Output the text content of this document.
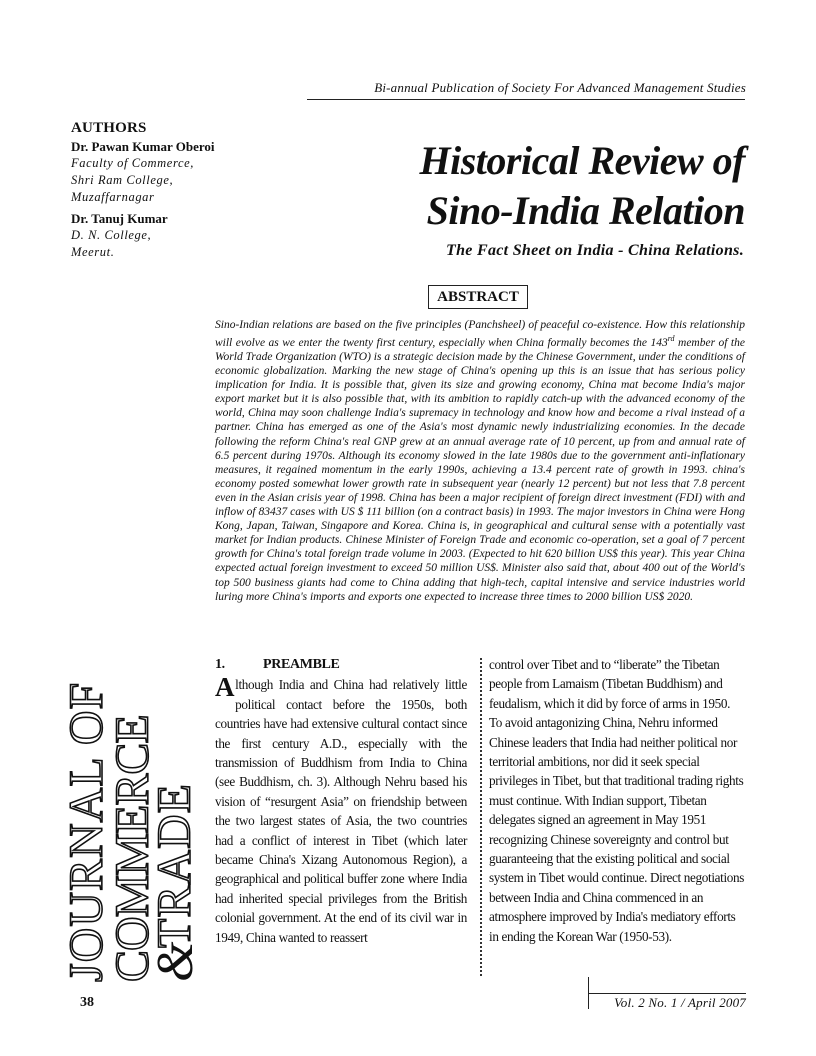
Bi-annual Publication of Society For Advanced Management Studies
AUTHORS
Dr. Pawan Kumar Oberoi
Faculty of Commerce,
Shri Ram College,
Muzaffarnagar
Dr. Tanuj Kumar
D. N. College,
Meerut.
Historical Review of
Sino-India Relation
The Fact Sheet on India - China Relations.
ABSTRACT
Sino-Indian relations are based on the five principles (Panchsheel) of peaceful co-existence. How this relationship will evolve as we enter the twenty first century, especially when China formally becomes the 143rd member of the World Trade Organization (WTO) is a strategic decision made by the Chinese Government, under the conditions of economic globalization. Marking the new stage of China's opening up this is an issue that has serious policy implication for India. It is possible that, given its size and growing economy, China mat become India's major export market but it is also possible that, with its ambition to rapidly catch-up with the advanced economy of the world, China may soon challenge India's supremacy in technology and know how and become a rival instead of a partner. China has emerged as one of the Asia's most dynamic newly industrializing economies. In the decade following the reform China's real GNP grew at an annual average rate of 10 percent, up from and annual rate of 6.5 percent during 1970s. Although its economy slowed in the late 1980s due to the government anti-inflationary measures, it regained momentum in the early 1990s, achieving a 13.4 percent rate of growth in 1993. china's economy posted somewhat lower growth rate in subsequent year (nearly 12 percent) but not less that 7.8 percent even in the Asian crisis year of 1998. China has been a major recipient of foreign direct investment (FDI) with and inflow of 83437 cases with US $ 111 billion (on a contract basis) in 1993. The major investors in China were Hong Kong, Japan, Taiwan, Singapore and Korea. China is, in geographical and cultural sense with a potentially vast market for Indian products. Chinese Minister of Foreign Trade and economic co-operation, set a goal of 7 percent growth for China's total foreign trade volume in 2003. (Expected to hit 620 billion US$ this year). This year China expected actual foreign investment to exceed 50 million US$. Minister also said that, about 400 out of the World's top 500 business giants had come to China adding that high-tech, capital intensive and service industries world luring more China's imports and exports one expected to increase three times to 2000 billion US$ 2020.
JOURNAL OF
COMMERCE
&
TRADE
1.	PREAMBLE
Although India and China had relatively little political contact before the 1950s, both countries have had extensive cultural contact since the first century A.D., especially with the transmission of Buddhism from India to China (see Buddhism, ch. 3). Although Nehru based his vision of “resurgent Asia” on friendship between the two largest states of Asia, the two countries had a conflict of interest in Tibet (which later became China's Xizang Autonomous Region), a geographical and political buffer zone where India had inherited special privileges from the British colonial government. At the end of its civil war in 1949, China wanted to reassert
control over Tibet and to “liberate” the Tibetan people from Lamaism (Tibetan Buddhism) and feudalism, which it did by force of arms in 1950. To avoid antagonizing China, Nehru informed Chinese leaders that India had neither political nor territorial ambitions, nor did it seek special privileges in Tibet, but that traditional trading rights must continue. With Indian support, Tibetan delegates signed an agreement in May 1951 recognizing Chinese sovereignty and control but guaranteeing that the existing political and social system in Tibet would continue. Direct negotiations between India and China commenced in an atmosphere improved by India's mediatory efforts in ending the Korean War (1950-53).
38	Vol. 2 No. 1 / April 2007
